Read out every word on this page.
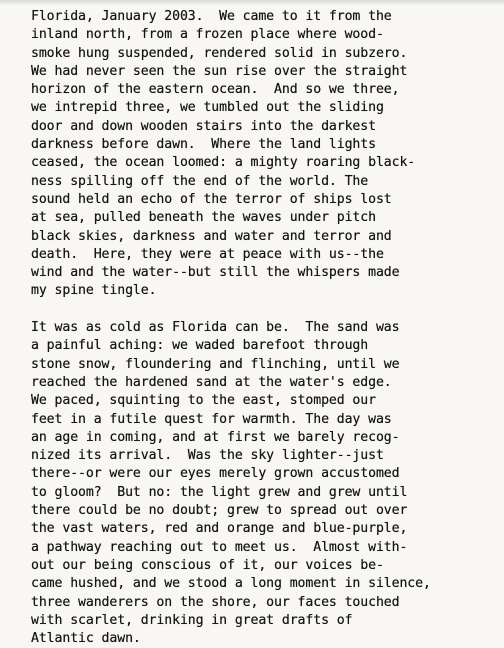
Florida, January 2003.  We came to it from the
inland north, from a frozen place where wood-
smoke hung suspended, rendered solid in subzero.
We had never seen the sun rise over the straight
horizon of the eastern ocean.  And so we three,
we intrepid three, we tumbled out the sliding
door and down wooden stairs into the darkest
darkness before dawn.  Where the land lights
ceased, the ocean loomed: a mighty roaring black-
ness spilling off the end of the world. The
sound held an echo of the terror of ships lost
at sea, pulled beneath the waves under pitch
black skies, darkness and water and terror and
death.  Here, they were at peace with us--the
wind and the water--but still the whispers made
my spine tingle.
It was as cold as Florida can be.  The sand was
a painful aching: we waded barefoot through
stone snow, floundering and flinching, until we
reached the hardened sand at the water's edge.
We paced, squinting to the east, stomped our
feet in a futile quest for warmth. The day was
an age in coming, and at first we barely recog-
nized its arrival.  Was the sky lighter--just
there--or were our eyes merely grown accustomed
to gloom?  But no: the light grew and grew until
there could be no doubt; grew to spread out over
the vast waters, red and orange and blue-purple,
a pathway reaching out to meet us.  Almost with-
out our being conscious of it, our voices be-
came hushed, and we stood a long moment in silence,
three wanderers on the shore, our faces touched
with scarlet, drinking in great drafts of
Atlantic dawn.
